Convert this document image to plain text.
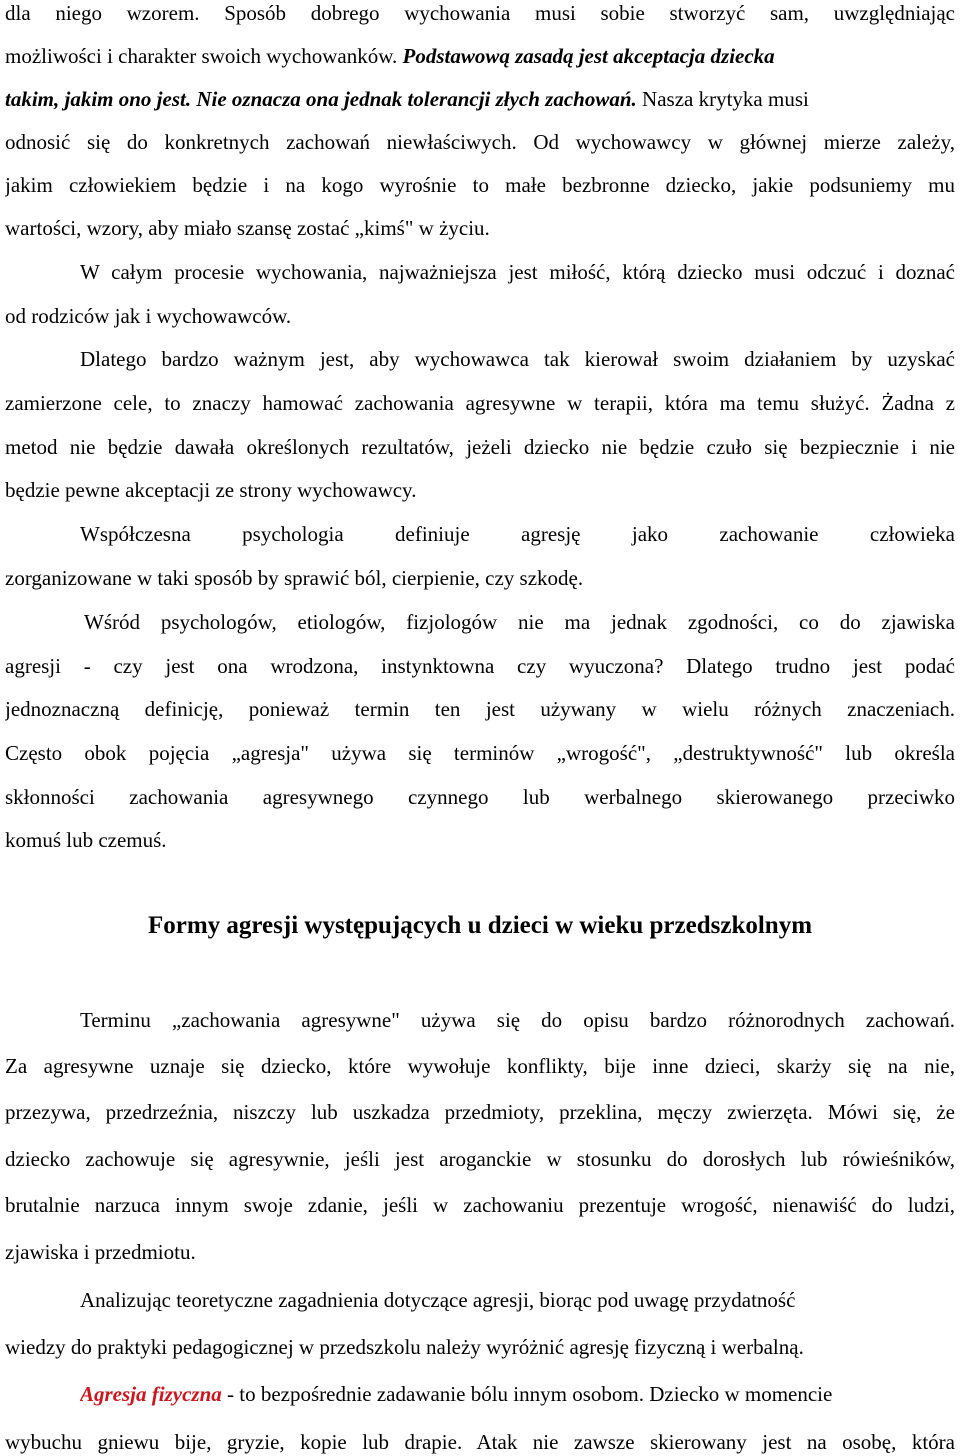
dla niego wzorem. Sposób dobrego wychowania musi sobie stworzyć sam, uwzględniając
możliwości i charakter swoich wychowanków. Podstawową zasadą jest akceptacja dziecka
takim, jakim ono jest. Nie oznacza ona jednak tolerancji złych zachowań. Nasza krytyka musi
odnosić się do konkretnych zachowań niewłaściwych. Od wychowawcy w głównej mierze zależy,
jakim człowiekiem będzie i na kogo wyrośnie to małe bezbronne dziecko, jakie podsuniemy mu
wartości, wzory, aby miało szansę zostać „kimś" w życiu.
W całym procesie wychowania, najważniejsza jest miłość, którą dziecko musi odczuć i doznać
od rodziców jak i wychowawców.
Dlatego bardzo ważnym jest, aby wychowawca tak kierował swoim działaniem by uzyskać
zamierzone cele, to znaczy hamować zachowania agresywne w terapii, która ma temu służyć. Żadna z
metod nie będzie dawała określonych rezultatów, jeżeli dziecko nie będzie czuło się bezpiecznie i nie
będzie pewne akceptacji ze strony wychowawcy.
Współczesna psychologia definiuje agresję jako zachowanie człowieka
zorganizowane w taki sposób by sprawić ból, cierpienie, czy szkodę.
Wśród psychologów, etiologów, fizjologów nie ma jednak zgodności, co do zjawiska
agresji - czy jest ona wrodzona, instynktowna czy wyuczona? Dlatego trudno jest podać
jednoznaczną definicję, ponieważ termin ten jest używany w wielu różnych znaczeniach.
Często obok pojęcia „agresja" używa się terminów „wrogość", „destruktywność" lub określa
skłonności zachowania agresywnego czynnego lub werbalnego skierowanego przeciwko
komuś lub czemuś.
Formy agresji występujących u dzieci w wieku przedszkolnym
Terminu „zachowania agresywne" używa się do opisu bardzo różnorodnych zachowań.
Za agresywne uznaje się dziecko, które wywołuje konflikty, bije inne dzieci, skarży się na nie,
przezywa, przedrzeźnia, niszczy lub uszkadza przedmioty, przeklina, męczy zwierzęta. Mówi się, że
dziecko zachowuje się agresywnie, jeśli jest aroganckie w stosunku do dorosłych lub rówieśników,
brutalnie narzuca innym swoje zdanie, jeśli w zachowaniu prezentuje wrogość, nienawiść do ludzi,
zjawiska i przedmiotu.
Analizując teoretyczne zagadnienia dotyczące agresji, biorąc pod uwagę przydatność
wiedzy do praktyki pedagogicznej w przedszkolu należy wyróżnić agresję fizyczną i werbalną.
Agresja fizyczna - to bezpośrednie zadawanie bólu innym osobom. Dziecko w momencie
wybuchu gniewu bije, gryzie, kopie lub drapie. Atak nie zawsze skierowany jest na osobę, która
